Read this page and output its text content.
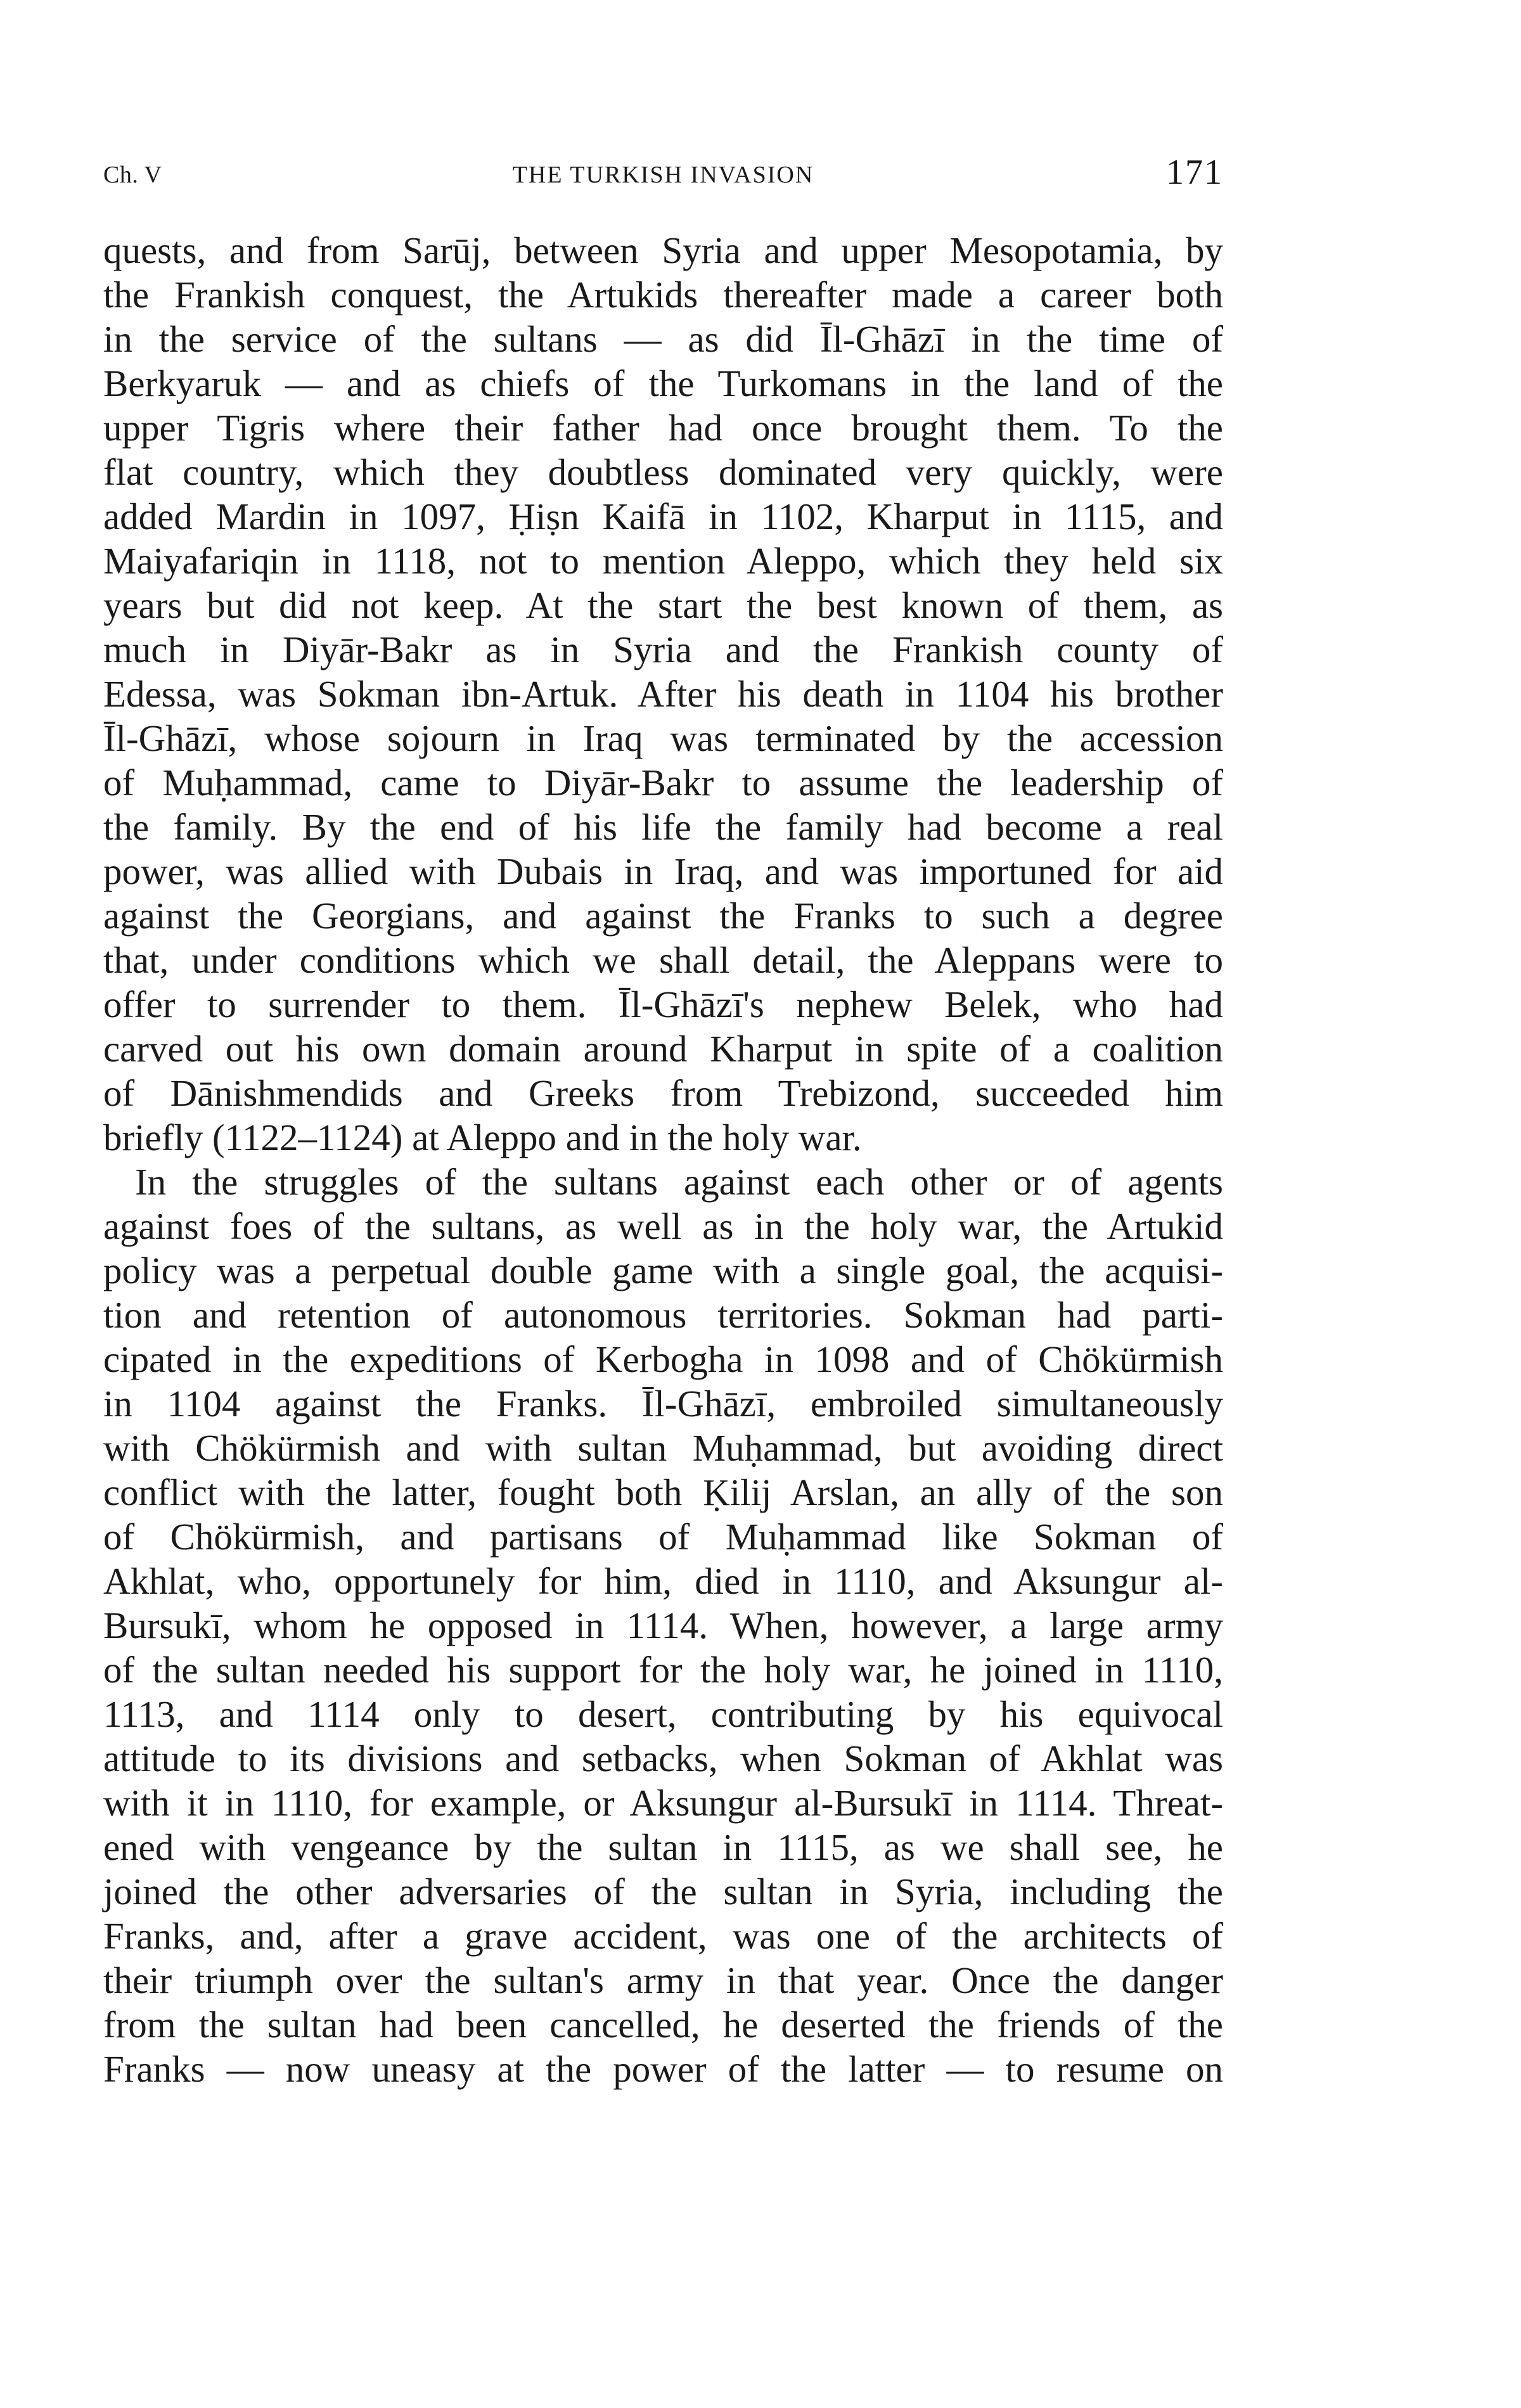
Ch. V	THE TURKISH INVASION	171
quests, and from Sarūj, between Syria and upper Mesopotamia, by
the Frankish conquest, the Artukids thereafter made a career both
in the service of the sultans — as did Īl-Ghāzī in the time of
Berkyaruk — and as chiefs of the Turkomans in the land of the
upper Tigris where their father had once brought them. To the
flat country, which they doubtless dominated very quickly, were
added Mardin in 1097, Ḥiṣn Kaifā in 1102, Kharput in 1115, and
Maiyafariqin in 1118, not to mention Aleppo, which they held six
years but did not keep. At the start the best known of them, as
much in Diyār-Bakr as in Syria and the Frankish county of
Edessa, was Sokman ibn-Artuk. After his death in 1104 his brother
Īl-Ghāzī, whose sojourn in Iraq was terminated by the accession
of Muḥammad, came to Diyār-Bakr to assume the leadership of
the family. By the end of his life the family had become a real
power, was allied with Dubais in Iraq, and was importuned for aid
against the Georgians, and against the Franks to such a degree
that, under conditions which we shall detail, the Aleppans were to
offer to surrender to them. Īl-Ghāzī's nephew Belek, who had
carved out his own domain around Kharput in spite of a coalition
of Dānishmendids and Greeks from Trebizond, succeeded him
briefly (1122–1124) at Aleppo and in the holy war.
In the struggles of the sultans against each other or of agents
against foes of the sultans, as well as in the holy war, the Artukid
policy was a perpetual double game with a single goal, the acquisi-
tion and retention of autonomous territories. Sokman had parti-
cipated in the expeditions of Kerbogha in 1098 and of Chökürmish
in 1104 against the Franks. Īl-Ghāzī, embroiled simultaneously
with Chökürmish and with sultan Muḥammad, but avoiding direct
conflict with the latter, fought both Ḳilij Arslan, an ally of the son
of Chökürmish, and partisans of Muḥammad like Sokman of
Akhlat, who, opportunely for him, died in 1110, and Aksungur al-
Bursukī, whom he opposed in 1114. When, however, a large army
of the sultan needed his support for the holy war, he joined in 1110,
1113, and 1114 only to desert, contributing by his equivocal
attitude to its divisions and setbacks, when Sokman of Akhlat was
with it in 1110, for example, or Aksungur al-Bursukī in 1114. Threat-
ened with vengeance by the sultan in 1115, as we shall see, he
joined the other adversaries of the sultan in Syria, including the
Franks, and, after a grave accident, was one of the architects of
their triumph over the sultan's army in that year. Once the danger
from the sultan had been cancelled, he deserted the friends of the
Franks — now uneasy at the power of the latter — to resume on
